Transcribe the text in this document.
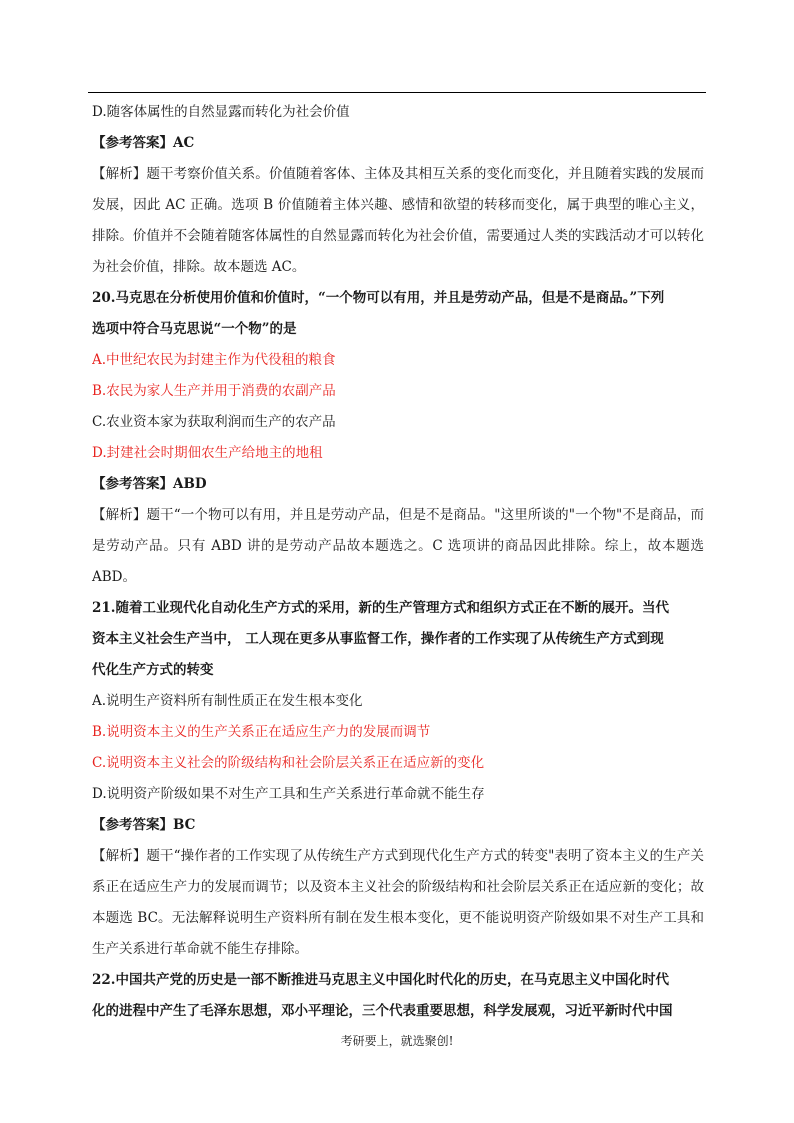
D.随客体属性的自然显露而转化为社会价值
【参考答案】AC
【解析】题干考察价值关系。价值随着客体、主体及其相互关系的变化而变化，并且随着实践的发展而发展，因此 AC 正确。选项 B 价值随着主体兴趣、感情和欲望的转移而变化，属于典型的唯心主义，排除。价值并不会随着随客体属性的自然显露而转化为社会价值，需要通过人类的实践活动才可以转化为社会价值，排除。故本题选 AC。
20.马克思在分析使用价值和价值时，“一个物可以有用，并且是劳动产品，但是不是商品。”下列
选项中符合马克思说“一个物”的是
A.中世纪农民为封建主作为代役租的粮食
B.农民为家人生产并用于消费的农副产品
C.农业资本家为获取利润而生产的农产品
D.封建社会时期佃农生产给地主的地租
【参考答案】ABD
【解析】题干“一个物可以有用，并且是劳动产品，但是不是商品。"这里所谈的"一个物"不是商品，而是劳动产品。只有 ABD 讲的是劳动产品故本题选之。C 选项讲的商品因此排除。综上，故本题选 ABD。
21.随着工业现代化自动化生产方式的采用，新的生产管理方式和组织方式正在不断的展开。当代
资本主义社会生产当中， 工人现在更多从事监督工作，操作者的工作实现了从传统生产方式到现
代化生产方式的转变
A.说明生产资料所有制性质正在发生根本变化
B.说明资本主义的生产关系正在适应生产力的发展而调节
C.说明资本主义社会的阶级结构和社会阶层关系正在适应新的变化
D.说明资产阶级如果不对生产工具和生产关系进行革命就不能生存
【参考答案】BC
【解析】题干“操作者的工作实现了从传统生产方式到现代化生产方式的转变"表明了资本主义的生产关系正在适应生产力的发展而调节；以及资本主义社会的阶级结构和社会阶层关系正在适应新的变化；故本题选 BC。无法解释说明生产资料所有制在发生根本变化，更不能说明资产阶级如果不对生产工具和生产关系进行革命就不能生存排除。
22.中国共产党的历史是一部不断推进马克思主义中国化时代化的历史，在马克思主义中国化时代
化的进程中产生了毛泽东思想，邓小平理论，三个代表重要思想，科学发展观，习近平新时代中国
考研要上，就选聚创!
